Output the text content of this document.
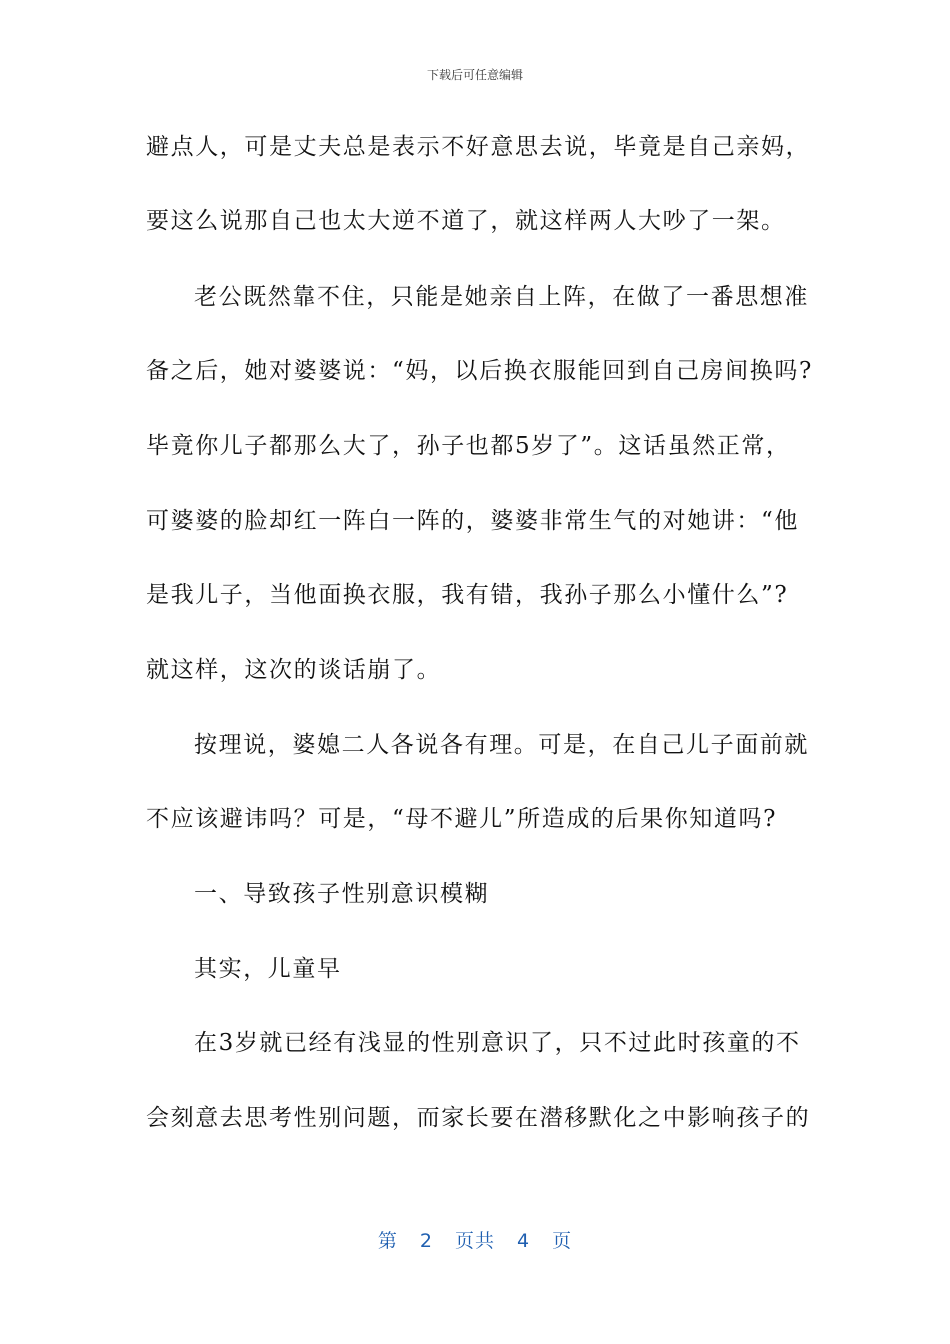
下载后可任意编辑
避点人，可是丈夫总是表示不好意思去说，毕竟是自己亲妈，
要这么说那自己也太大逆不道了，就这样两人大吵了一架。
老公既然靠不住，只能是她亲自上阵，在做了一番思想准
备之后，她对婆婆说：“妈，以后换衣服能回到自己房间换吗?
毕竟你儿子都那么大了，孙子也都5岁了”。这话虽然正常，
可婆婆的脸却红一阵白一阵的，婆婆非常生气的对她讲：“他
是我儿子，当他面换衣服，我有错，我孙子那么小懂什么”?
就这样，这次的谈话崩了。
按理说，婆媳二人各说各有理。可是，在自己儿子面前就
不应该避讳吗？可是，“母不避儿”所造成的后果你知道吗?
一、导致孩子性别意识模糊
其实，儿童早
在3岁就已经有浅显的性别意识了，只不过此时孩童的不
会刻意去思考性别问题，而家长要在潜移默化之中影响孩子的
第 2 页共 4 页
